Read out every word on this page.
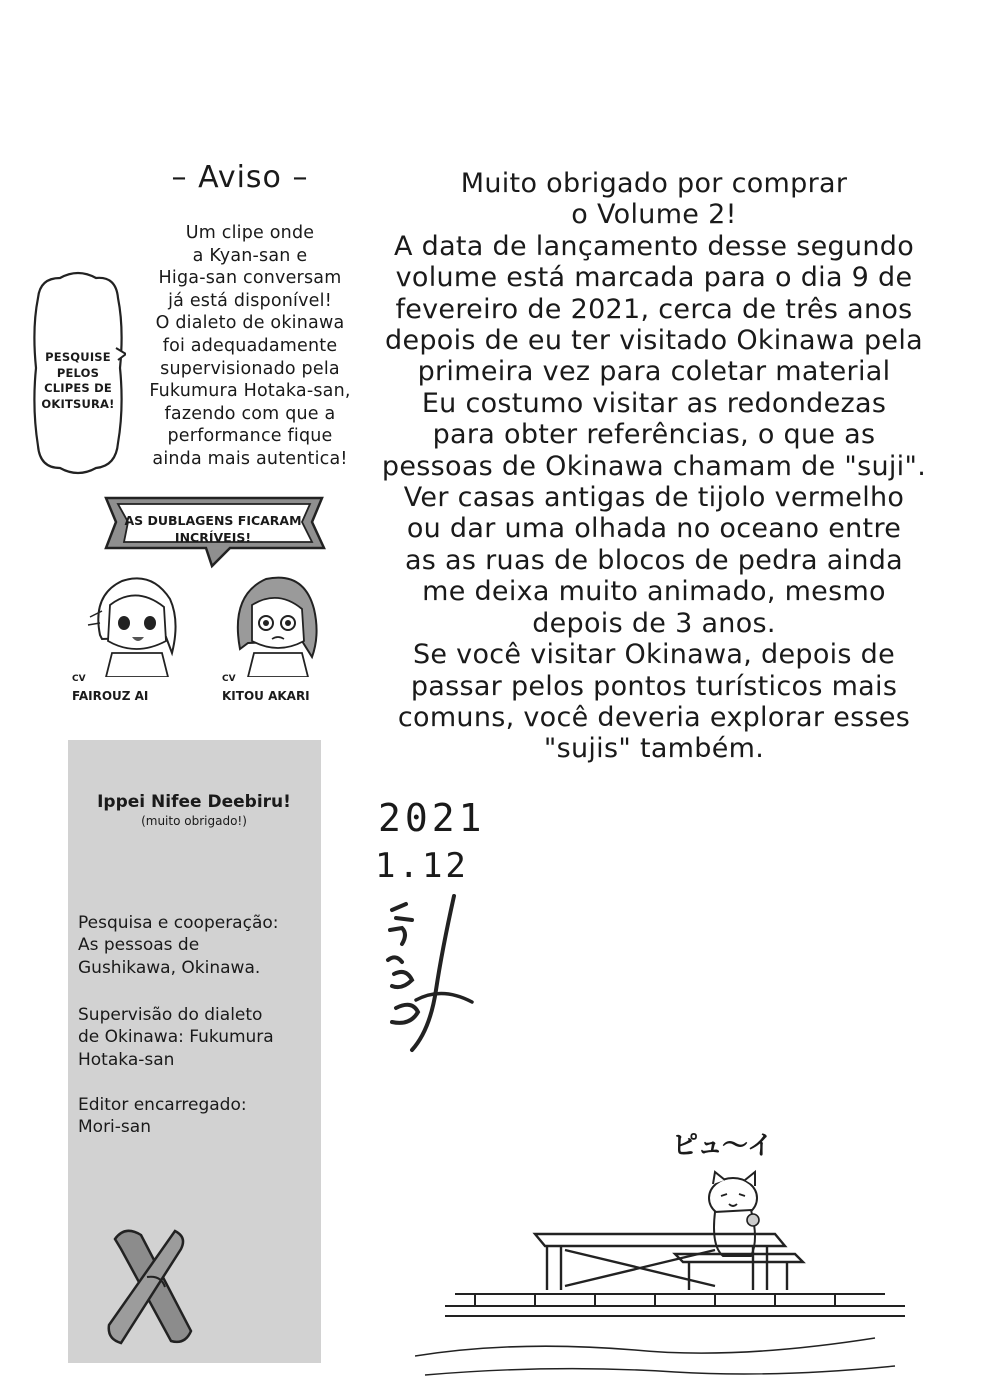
– Aviso –
Um clipe onde
a Kyan-san e
Higa-san conversam
já está disponível!
O dialeto de okinawa
foi adequadamente
supervisionado pela
Fukumura Hotaka-san,
fazendo com que a
performance fique
ainda mais autentica!
PESQUISE
PELOS
CLIPES DE
OKITSURA!
AS DUBLAGENS FICARAM
INCRÍVEIS!
CV
FAIROUZ AI
CV
KITOU AKARI
Muito obrigado por comprar
o Volume 2!
A data de lançamento desse segundo
volume está marcada para o dia 9 de
fevereiro de 2021, cerca de três anos
depois de eu ter visitado Okinawa pela
primeira vez para coletar material
Eu costumo visitar as redondezas
para obter referências, o que as
pessoas de Okinawa chamam de "suji".
Ver casas antigas de tijolo vermelho
ou dar uma olhada no oceano entre
as as ruas de blocos de pedra ainda
me deixa muito animado, mesmo
depois de 3 anos.
Se você visitar Okinawa, depois de
passar pelos pontos turísticos mais
comuns, você deveria explorar esses
"sujis" também.
2021
1.12
Ippei Nifee Deebiru!
(muito obrigado!)
Pesquisa e cooperação:
As pessoas de
Gushikawa, Okinawa.
Supervisão do dialeto
de Okinawa: Fukumura
Hotaka-san
Editor encarregado:
Mori-san
ピュ〜イ
